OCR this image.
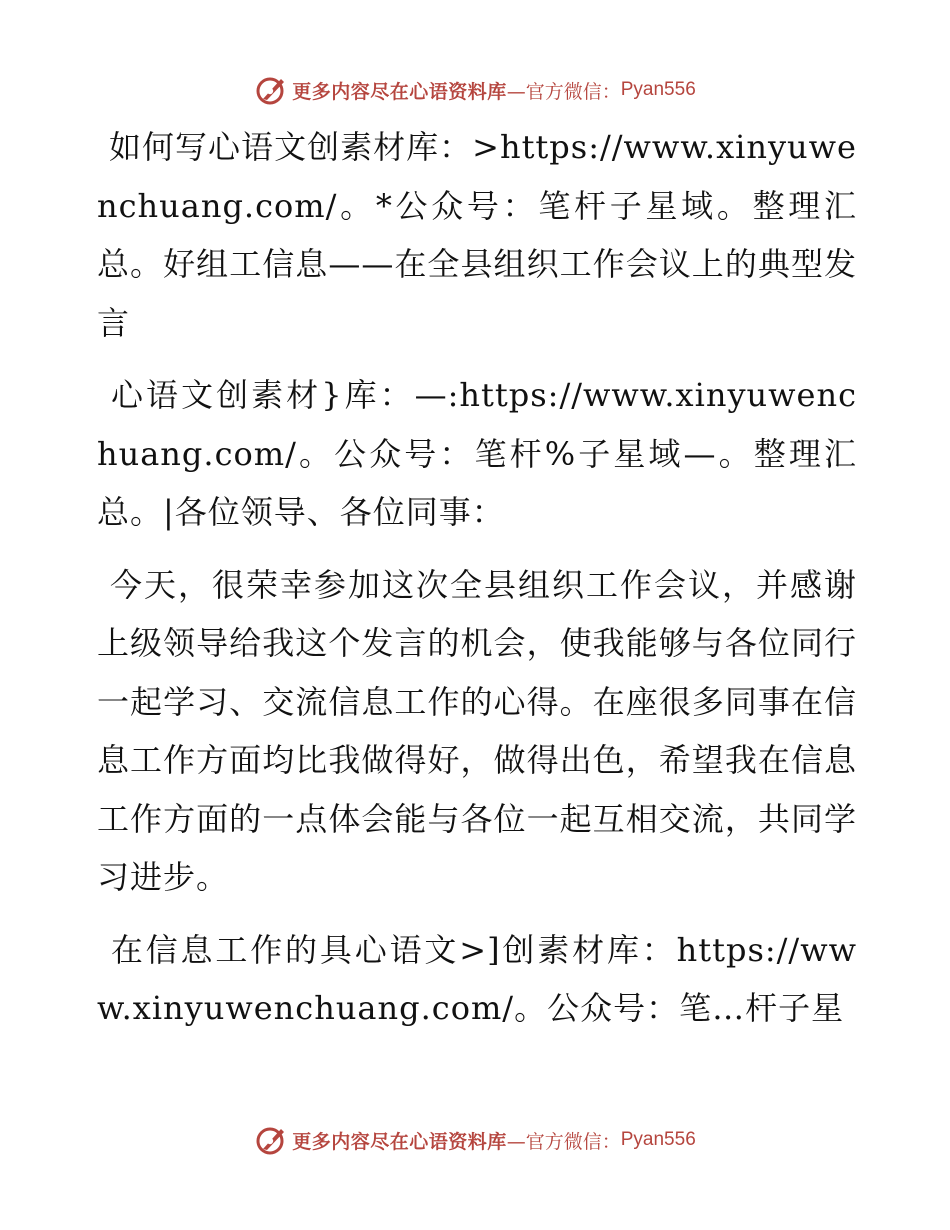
更多内容尽在心语资料库 —官方微信： Pyan556

如何写心语文创素材库：>https://www.xinyuwenchuang.com/。*公众号：笔杆子星域。整理汇总。好组工信息——在全县组织工作会议上的典型发言

心语文创素材}库：—:https://www.xinyuwenchuang.com/。公众号：笔杆%子星域—。整理汇总。|各位领导、各位同事：

今天，很荣幸参加这次全县组织工作会议，并感谢上级领导给我这个发言的机会，使我能够与各位同行一起学习、交流信息工作的心得。在座很多同事在信息工作方面均比我做得好，做得出色，希望我在信息工作方面的一点体会能与各位一起互相交流，共同学习进步。

在信息工作的具心语文>]创素材库：https://www.xinyuwenchuang.com/。公众号：笔…杆子星

更多内容尽在心语资料库 —官方微信： Pyan556
